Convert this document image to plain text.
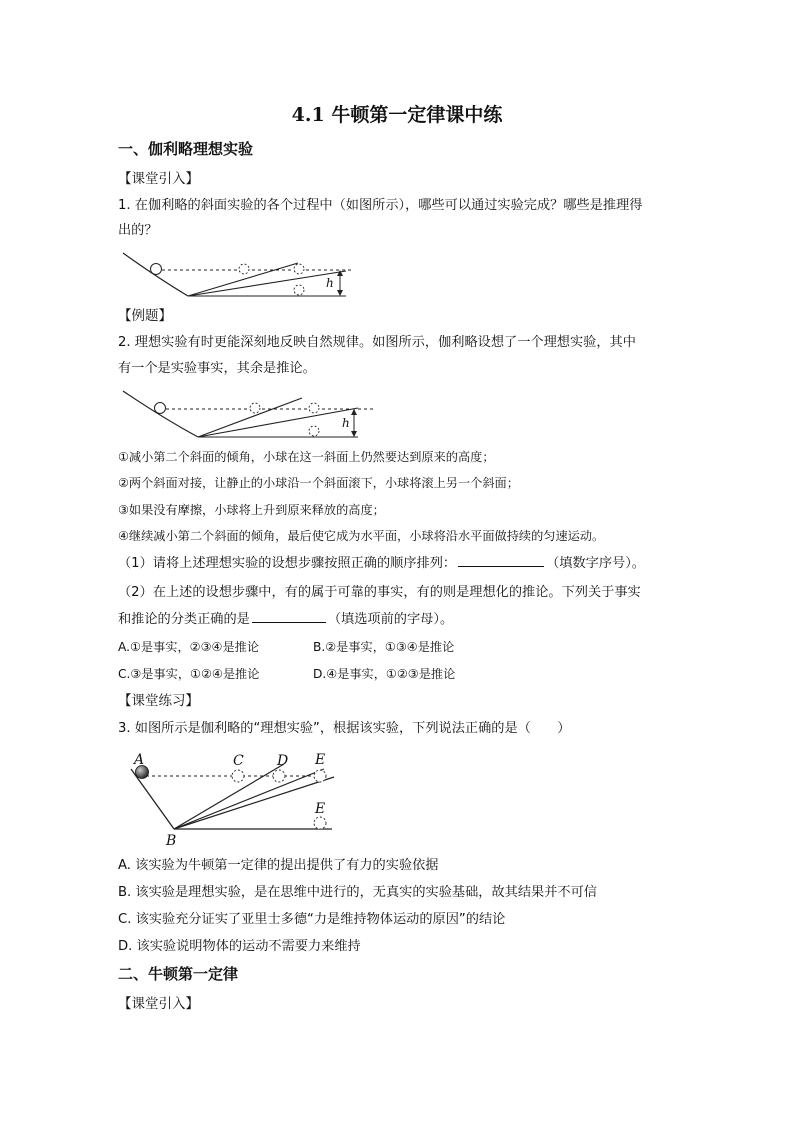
4.1 牛顿第一定律课中练
一、伽利略理想实验
【课堂引入】
1. 在伽利略的斜面实验的各个过程中（如图所示），哪些可以通过实验完成？哪些是推理得
出的？
h
【例题】
2. 理想实验有时更能深刻地反映自然规律。如图所示，伽利略设想了一个理想实验，其中
有一个是实验事实，其余是推论。
h
①减小第二个斜面的倾角，小球在这一斜面上仍然要达到原来的高度；
②两个斜面对接，让静止的小球沿一个斜面滚下，小球将滚上另一个斜面；
③如果没有摩擦，小球将上升到原来释放的高度；
④继续减小第二个斜面的倾角，最后使它成为水平面，小球将沿水平面做持续的匀速运动。
（1）请将上述理想实验的设想步骤按照正确的顺序排列：	（填数字序号）。
（2）在上述的设想步骤中，有的属于可靠的事实，有的则是理想化的推论。下列关于事实
和推论的分类正确的是	（填选项前的字母）。
A.①是事实，②③④是推论	B.②是事实，①③④是推论
C.③是事实，①②④是推论	D.④是事实，①②③是推论
【课堂练习】
3. 如图所示是伽利略的“理想实验”，根据该实验，下列说法正确的是（　　）
A
B
C D E
E
A. 该实验为牛顿第一定律的提出提供了有力的实验依据
B. 该实验是理想实验，是在思维中进行的，无真实的实验基础，故其结果并不可信
C. 该实验充分证实了亚里士多德“力是维持物体运动的原因”的结论
D. 该实验说明物体的运动不需要力来维持
二、牛顿第一定律
【课堂引入】
